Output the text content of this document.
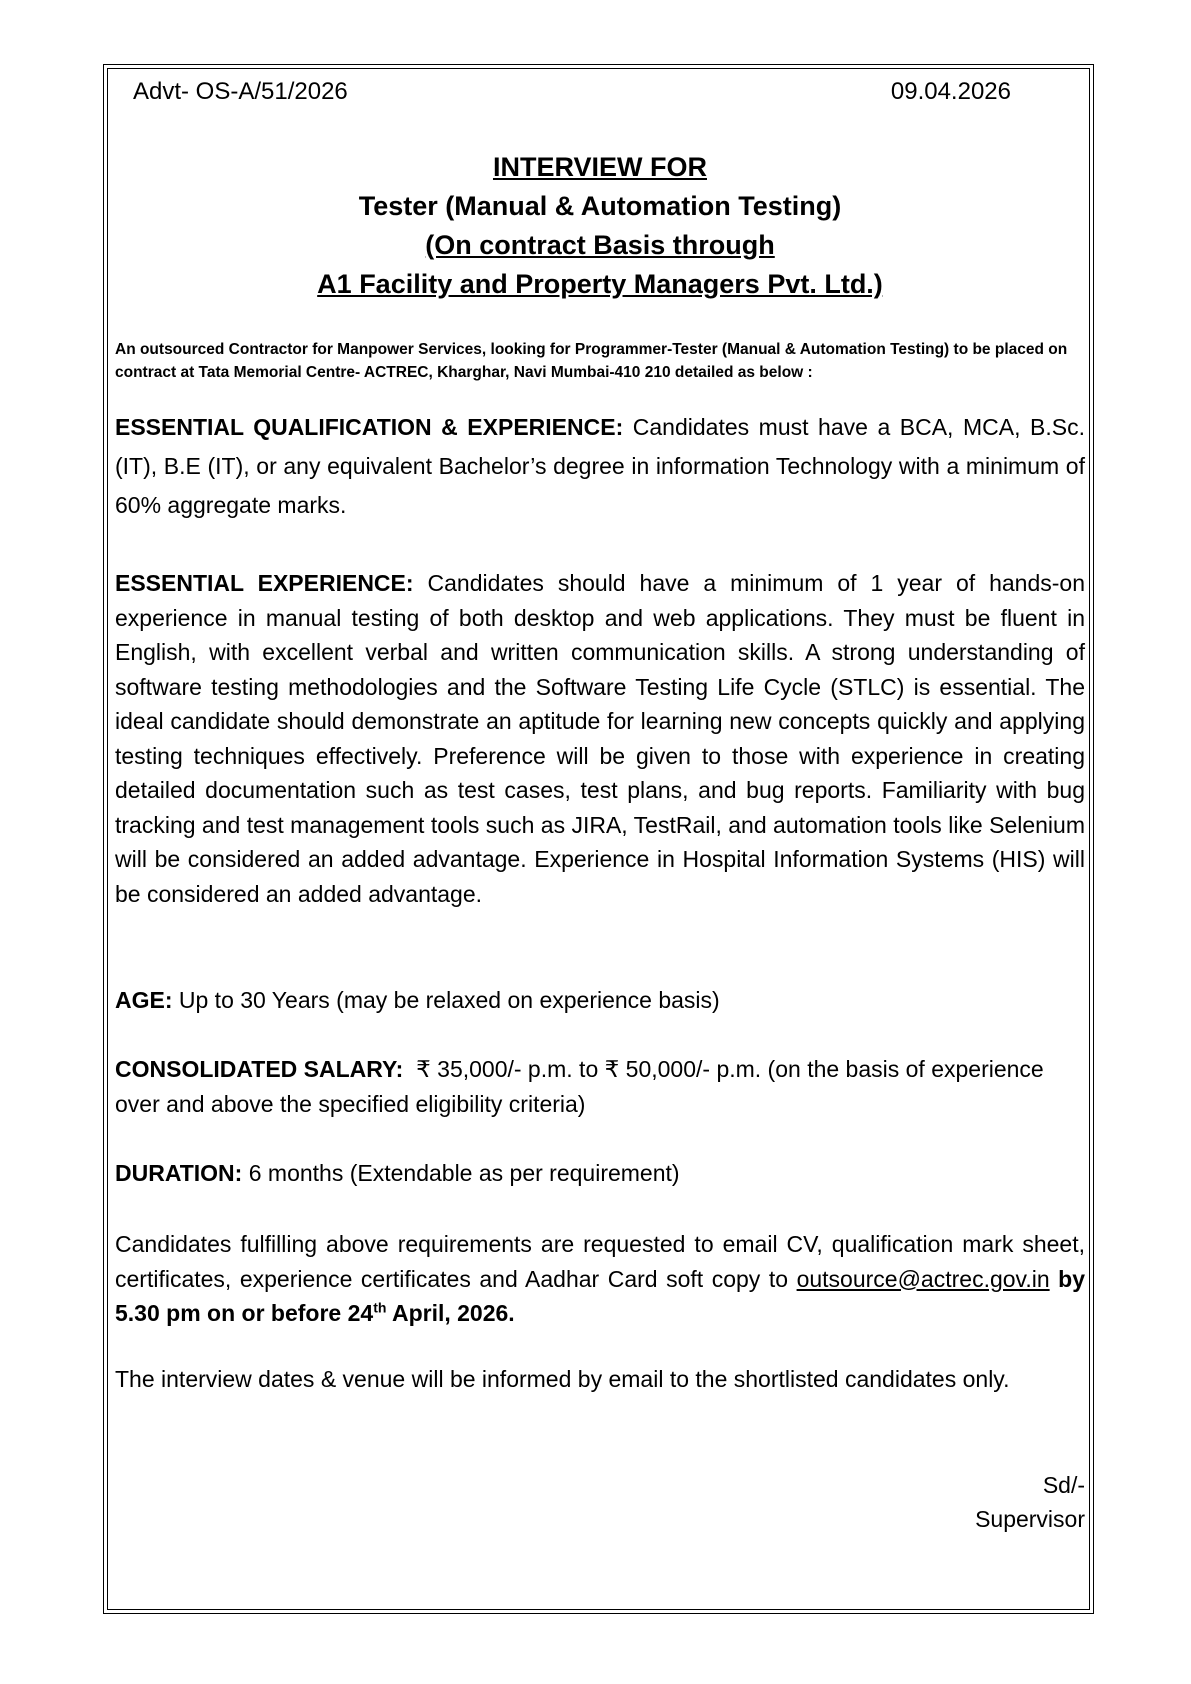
Advt- OS-A/51/2026	09.04.2026
INTERVIEW FOR
Tester (Manual & Automation Testing)
(On contract Basis through
A1 Facility and Property Managers Pvt. Ltd.)
An outsourced Contractor for Manpower Services, looking for Programmer-Tester (Manual & Automation Testing) to be placed on contract at Tata Memorial Centre- ACTREC, Kharghar, Navi Mumbai-410 210 detailed as below :
ESSENTIAL QUALIFICATION & EXPERIENCE: Candidates must have a BCA, MCA, B.Sc. (IT), B.E (IT), or any equivalent Bachelor’s degree in information Technology with a minimum of 60% aggregate marks.
ESSENTIAL EXPERIENCE: Candidates should have a minimum of 1 year of hands-on experience in manual testing of both desktop and web applications. They must be fluent in English, with excellent verbal and written communication skills. A strong understanding of software testing methodologies and the Software Testing Life Cycle (STLC) is essential. The ideal candidate should demonstrate an aptitude for learning new concepts quickly and applying testing techniques effectively. Preference will be given to those with experience in creating detailed documentation such as test cases, test plans, and bug reports. Familiarity with bug tracking and test management tools such as JIRA, TestRail, and automation tools like Selenium will be considered an added advantage. Experience in Hospital Information Systems (HIS) will be considered an added advantage.
AGE: Up to 30 Years (may be relaxed on experience basis)
CONSOLIDATED SALARY:  ₹ 35,000/- p.m. to ₹ 50,000/- p.m. (on the basis of experience over and above the specified eligibility criteria)
DURATION: 6 months (Extendable as per requirement)
Candidates fulfilling above requirements are requested to email CV, qualification mark sheet, certificates, experience certificates and Aadhar Card soft copy to outsource@actrec.gov.in by 5.30 pm on or before 24th April, 2026.
The interview dates & venue will be informed by email to the shortlisted candidates only.
Sd/-
Supervisor
